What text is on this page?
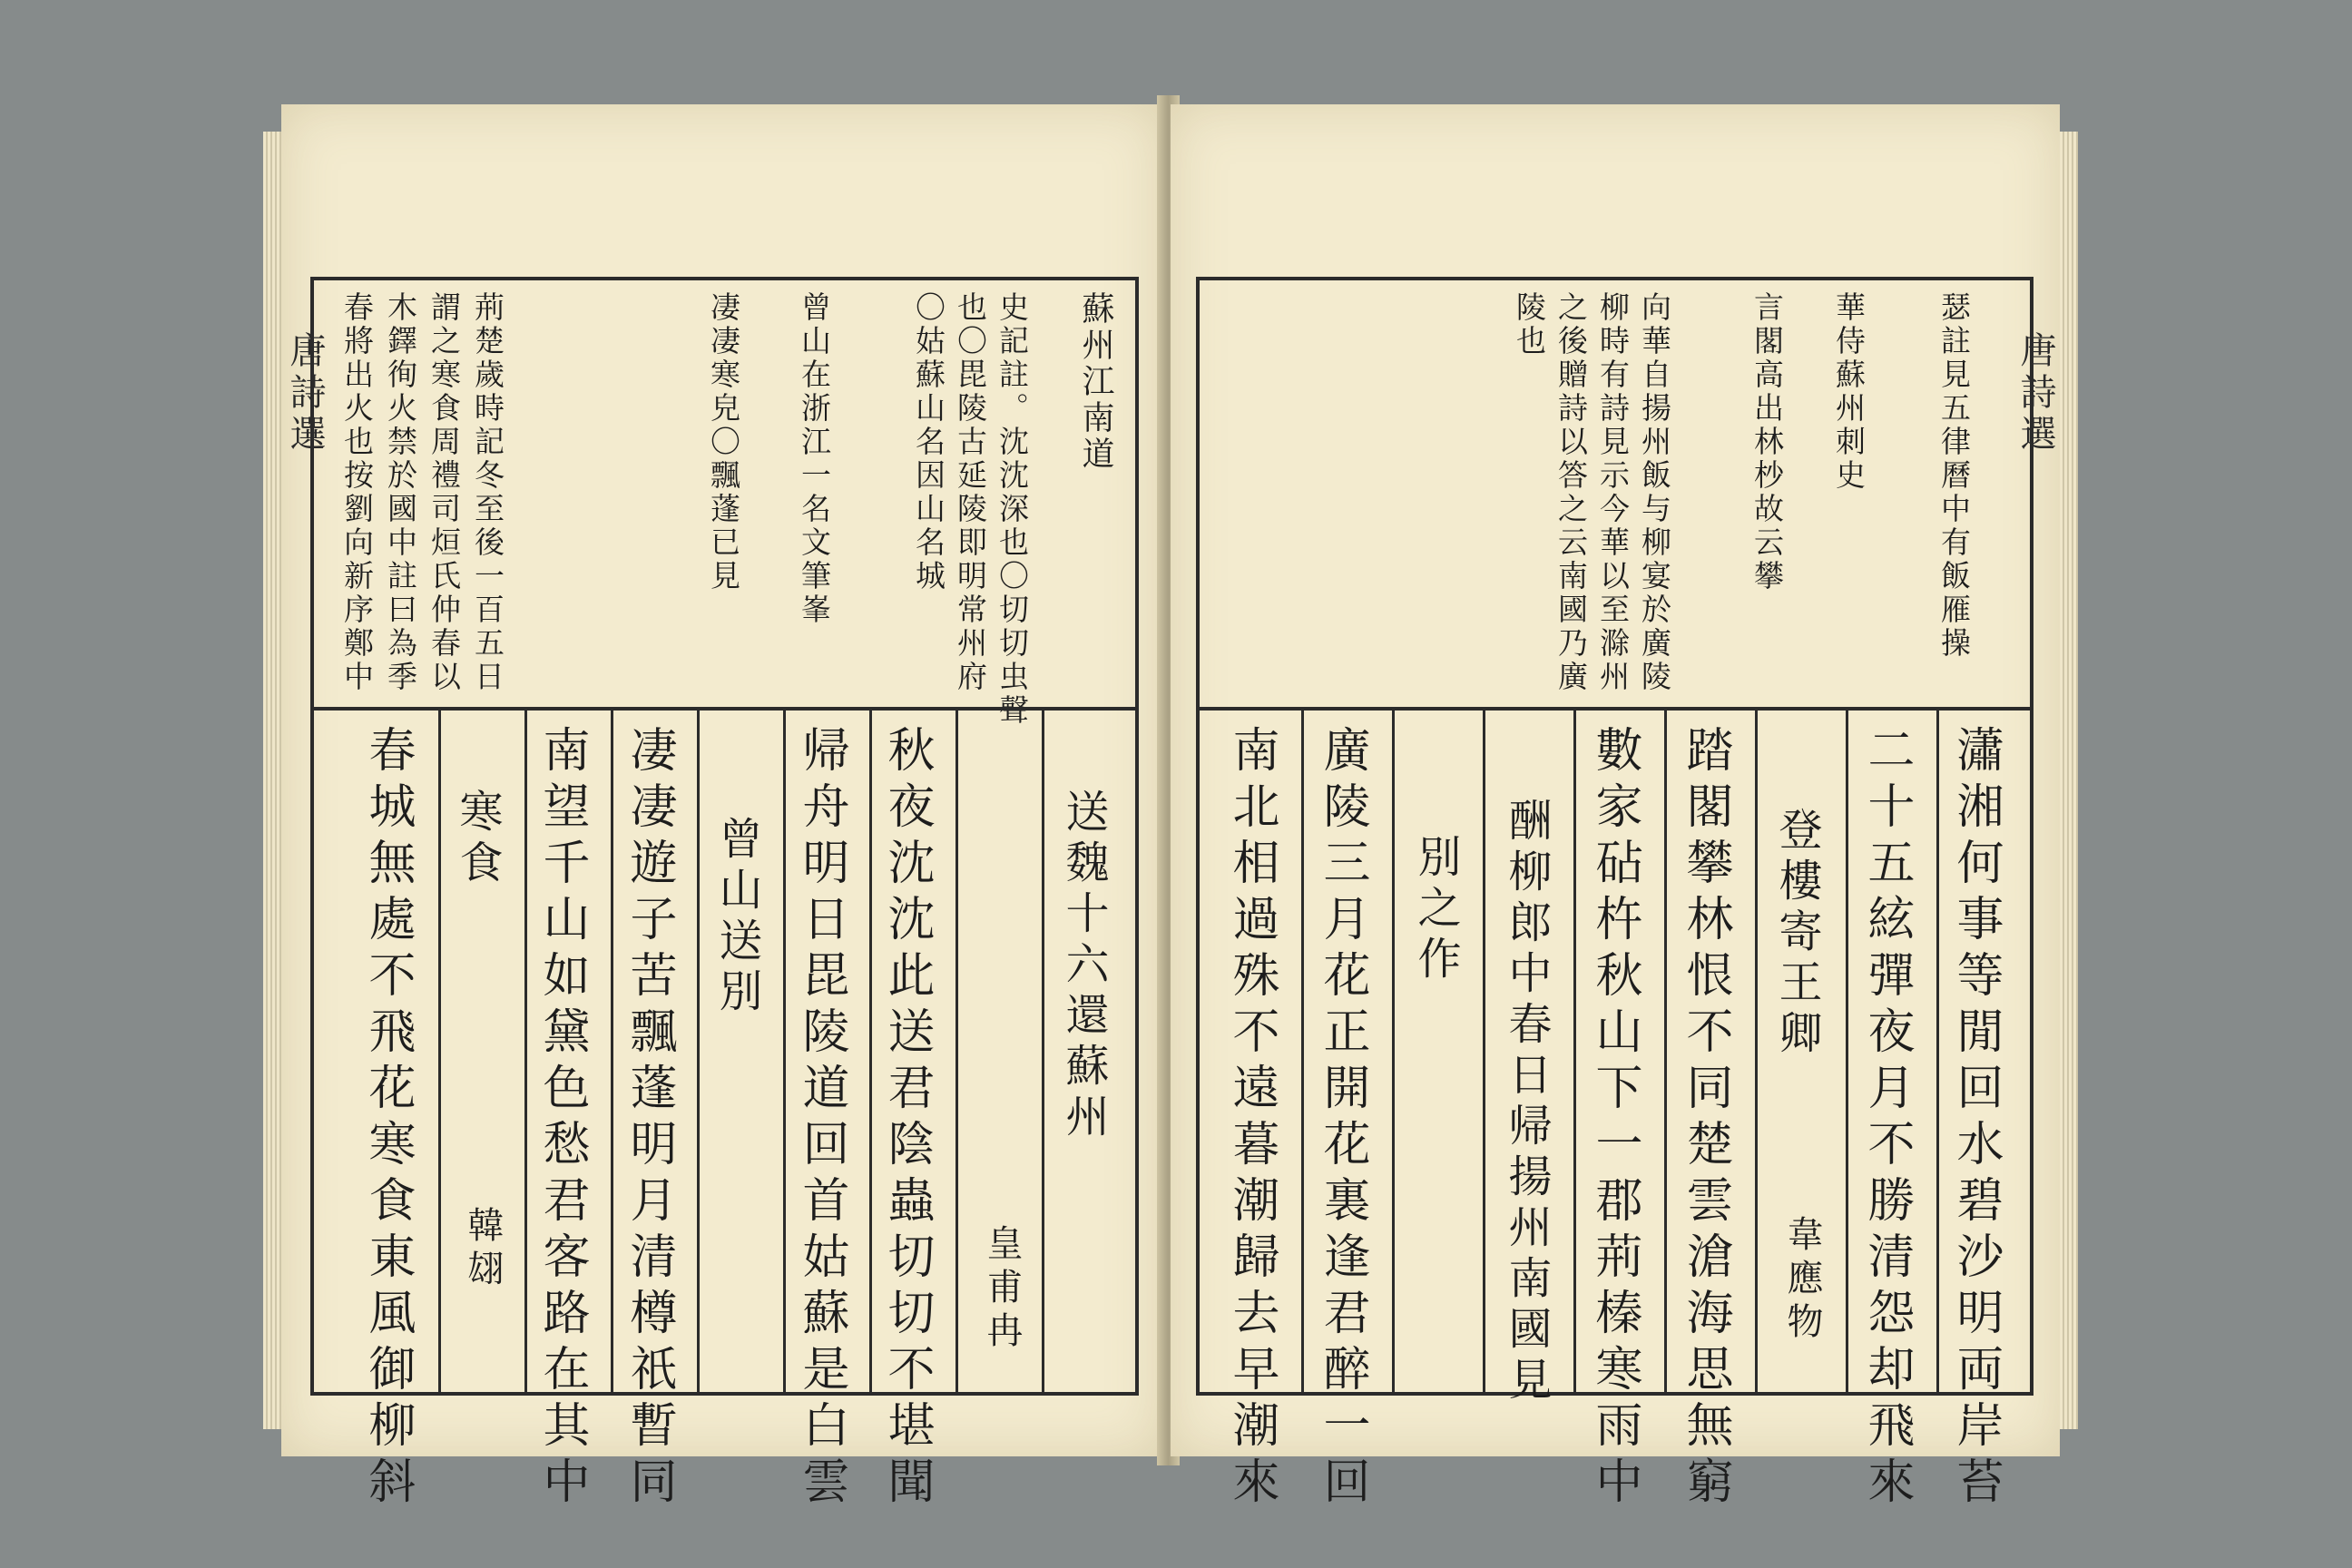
唐詩選	蘇州江南道
史記註。沈沈深也〇切切虫聲
也〇毘陵古延陵即明常州府
〇姑蘇山名因山名城
曾山在浙江一名文筆峯
凄凄寒皃〇飄蓬已見
荊楚歲時記冬至後一百五日
謂之寒食周禮司烜氏仲春以
木鐸徇火禁於國中註曰為季
春將出火也按劉向新序鄭中
送魏十六還蘇州
皇甫冉
秋夜沈沈此送君陰蟲切切不堪聞
帰舟明日毘陵道回首姑蘇是白雲
曾山送別
凄凄遊子苦飄蓬明月清樽祇暫同
南望千山如黛色愁君客路在其中
寒食
韓翃
春城無處不飛花寒食東風御柳斜
唐詩選
瑟註見五律曆中有飯雁操
華侍蘇州刺史
言閣高出林杪故云攀
向華自揚州飯与柳宴於廣陵
柳時有詩見示今華以至滁州
之後贈詩以答之云南國乃廣
陵也
瀟湘何事等閒回水碧沙明両岸苔
二十五絃彈夜月不勝清怨却飛來
登樓寄王卿
韋應物
踏閣攀林恨不同楚雲滄海思無窮
數家砧杵秋山下一郡荊榛寒雨中
酬柳郎中春日帰揚州南國見
別之作
廣陵三月花正開花裏逢君醉一回
南北相過殊不遠暮潮歸去早潮來
